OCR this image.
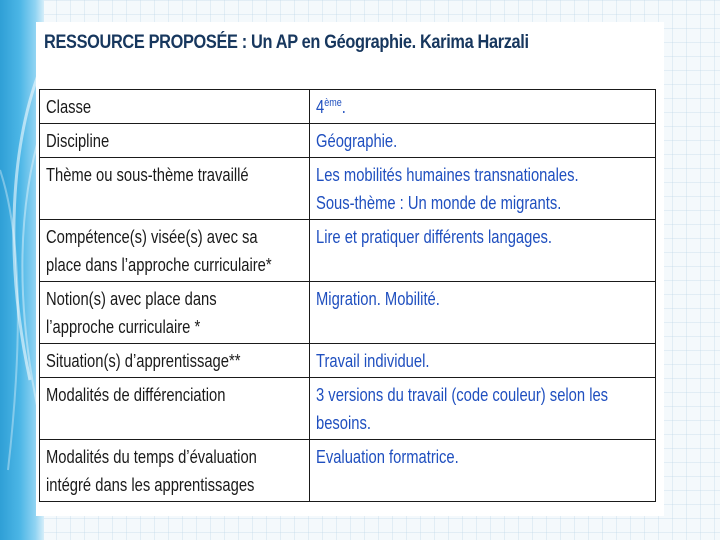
RESSOURCE PROPOSÉE : Un AP en Géographie. Karima Harzali
Classe	4ème.
Discipline	Géographie.
Thème ou sous-thème travaillé	Les mobilités humaines transnationales.
Sous-thème : Un monde de migrants.
Compétence(s) visée(s) avec sa
place dans l’approche curriculaire*	Lire et pratiquer différents langages.
Notion(s) avec place dans
l’approche curriculaire *	Migration. Mobilité.
Situation(s) d’apprentissage**	Travail individuel.
Modalités de différenciation	3 versions du travail (code couleur) selon les
besoins.
Modalités du temps d’évaluation
intégré dans les apprentissages	Evaluation formatrice.
